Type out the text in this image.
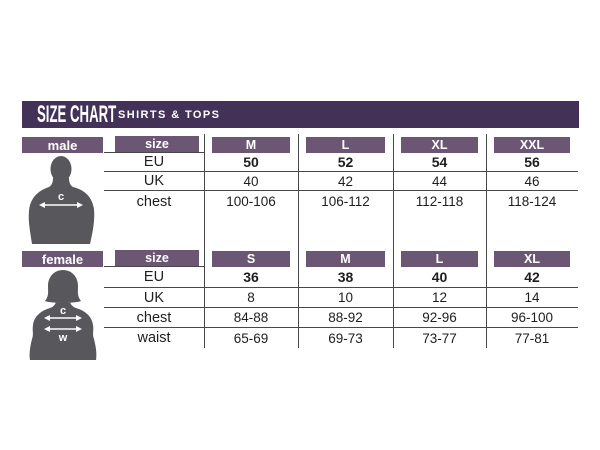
SIZE CHART SHIRTS & TOPS
male
female
c
c
w
size	M	L	XL	XXL
EU	50	52	54	56
UK	40	42	44	46
chest	100-106	106-112	112-118	118-124
size	S	M	L	XL
EU	36	38	40	42
UK	8	10	12	14
chest	84-88	88-92	92-96	96-100
waist	65-69	69-73	73-77	77-81
